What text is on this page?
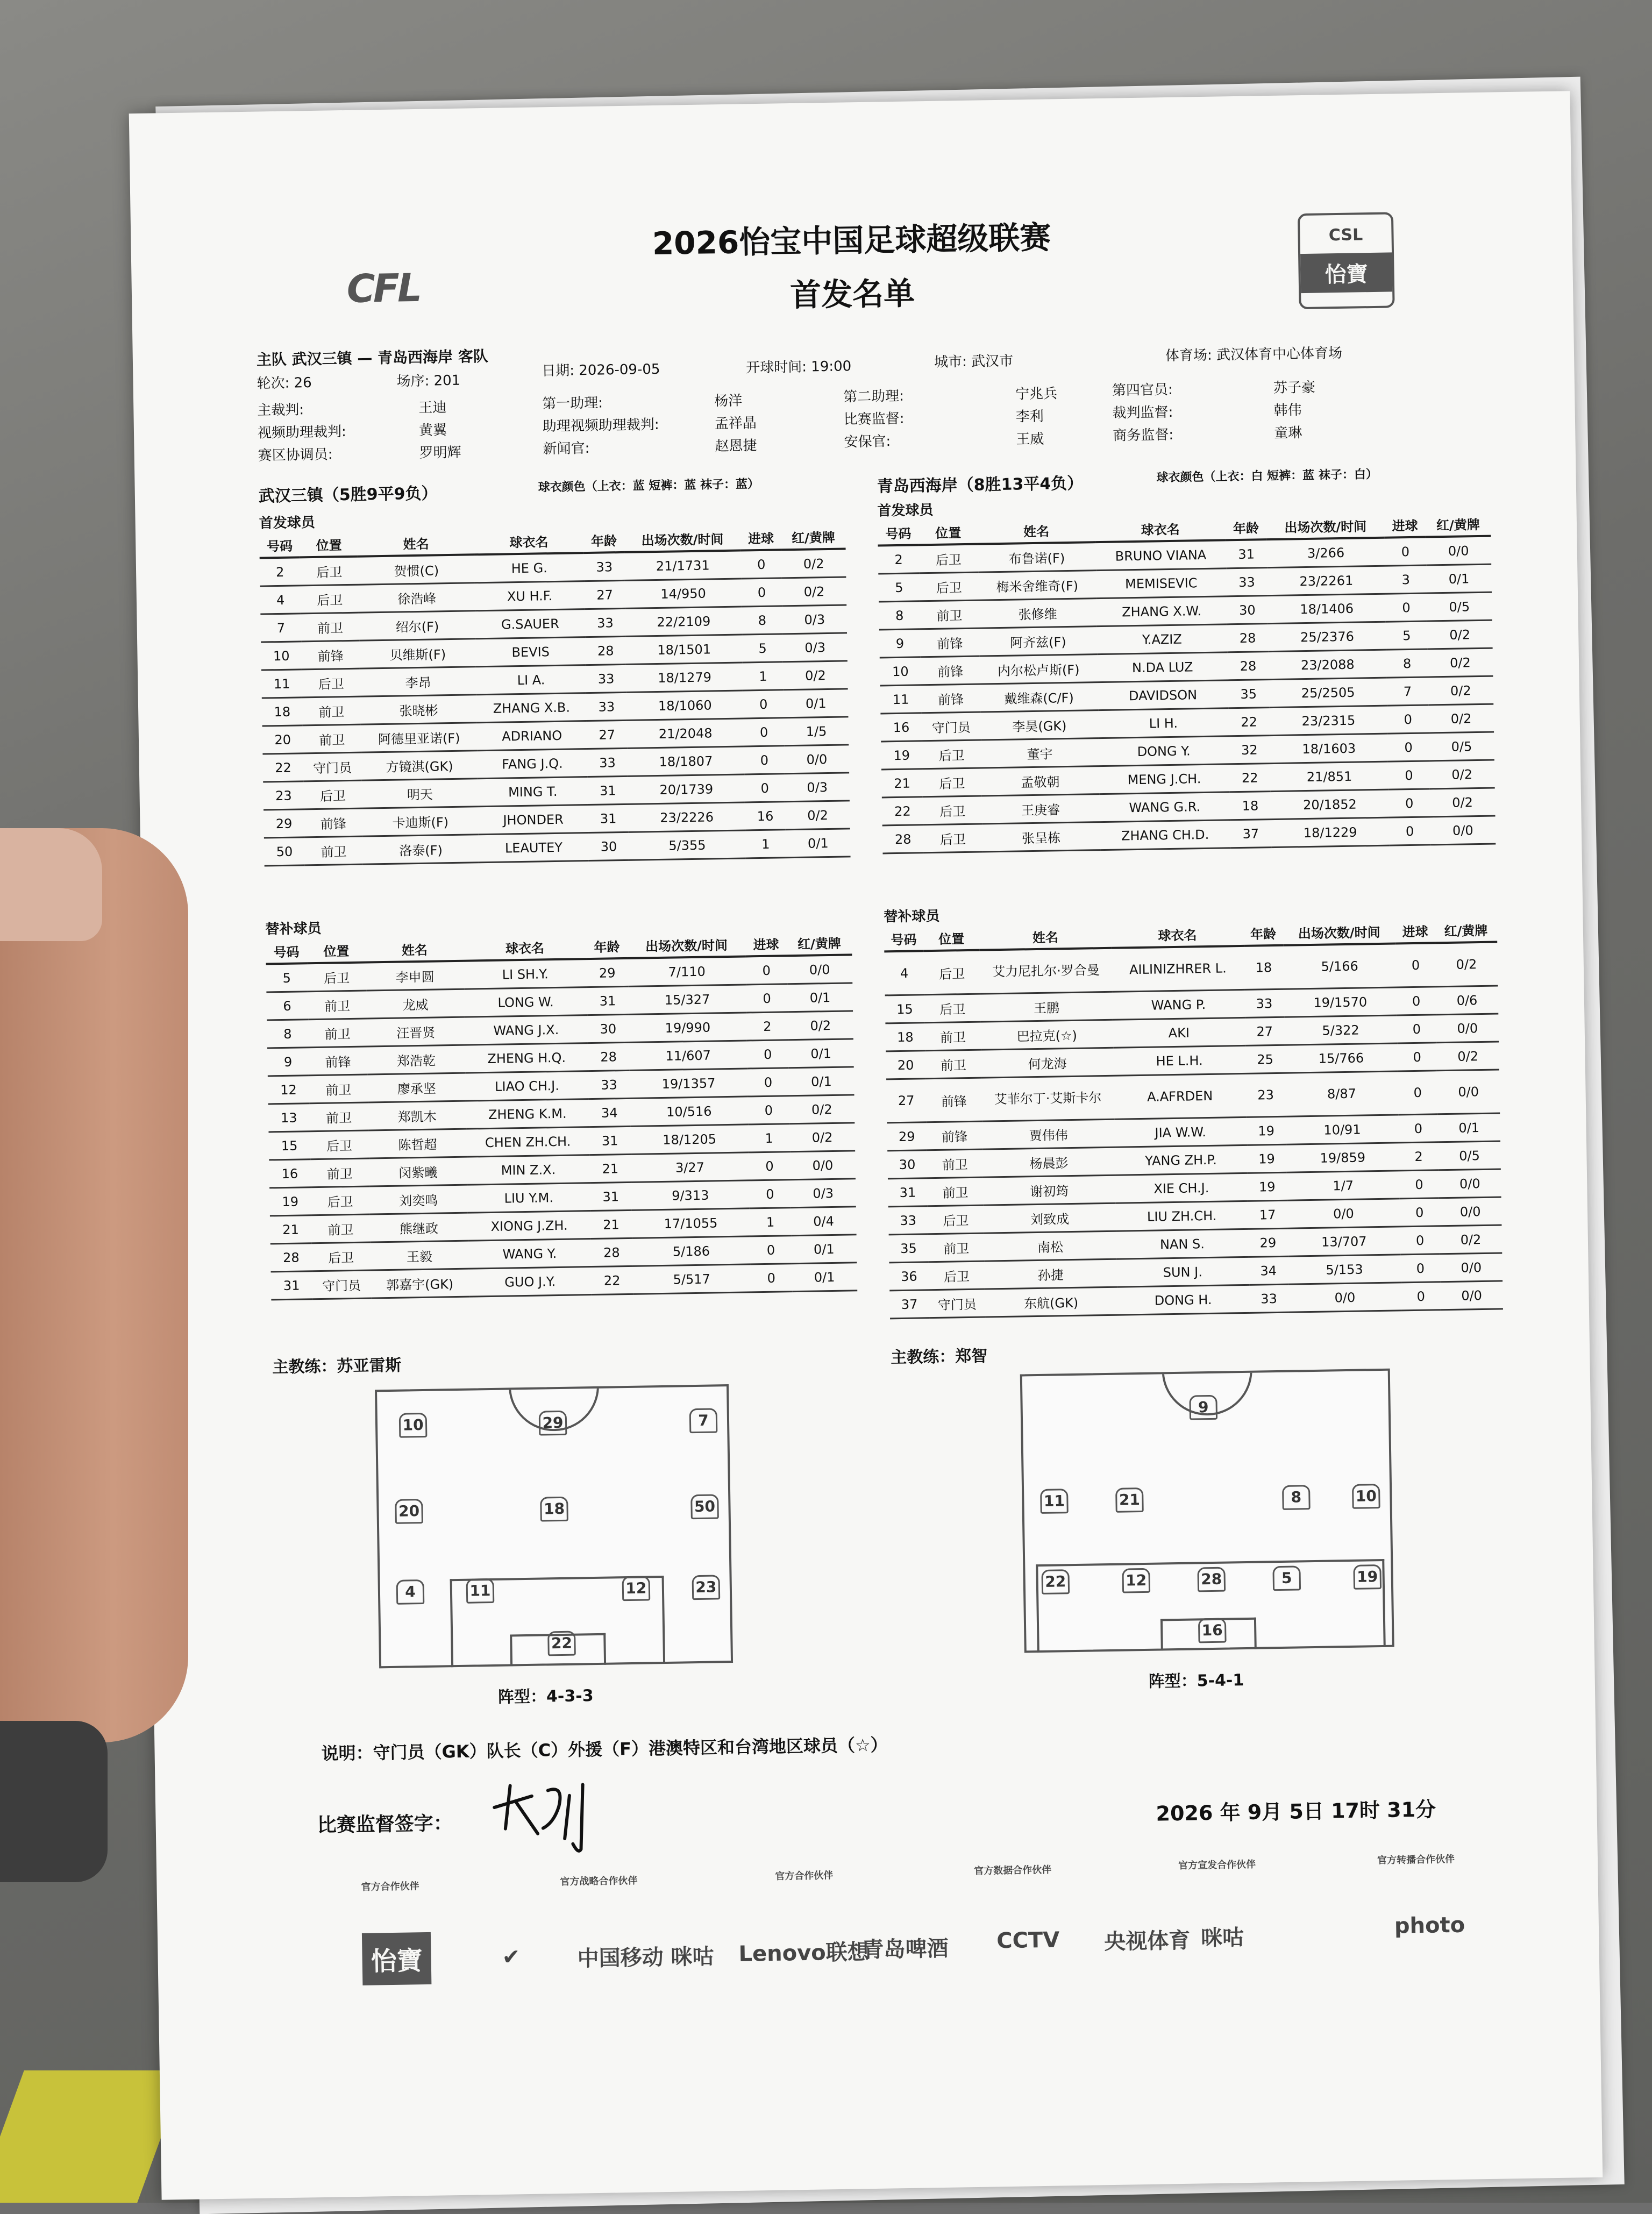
CFL
CSL
怡寶
2026怡宝中国足球超级联赛
首发名单
主队 武汉三镇 — 青岛西海岸 客队
轮次: 26	场序: 201
日期: 2026-09-05	开球时间: 19:00	城市: 武汉市	体育场: 武汉体育中心体育场
主裁判:	王迪	第一助理:	杨洋	第二助理:	宁兆兵	第四官员:	苏子豪
视频助理裁判:	黄翼	助理视频助理裁判:	孟祥晶	比赛监督:	李利	裁判监督:	韩伟
赛区协调员:	罗明辉	新闻官:	赵恩捷	安保官:	王威	商务监督:	童琳
武汉三镇（5胜9平9负）	球衣颜色（上衣：蓝 短裤：蓝 袜子：蓝）	青岛西海岸（8胜13平4负）	球衣颜色（上衣：白 短裤：蓝 袜子：白）
首发球员
首发球员
号码	位置	姓名	球衣名	年龄	出场次数/时间	进球	红/黄牌
2	后卫	贺惯(C)	HE G.	33	21/1731	0	0/2
4	后卫	徐浩峰	XU H.F.	27	14/950	0	0/2
7	前卫	绍尔(F)	G.SAUER	33	22/2109	8	0/3
10	前锋	贝维斯(F)	BEVIS	28	18/1501	5	0/3
11	后卫	李昂	LI A.	33	18/1279	1	0/2
18	前卫	张晓彬	ZHANG X.B.	33	18/1060	0	0/1
20	前卫	阿德里亚诺(F)	ADRIANO	27	21/2048	0	1/5
22	守门员	方镜淇(GK)	FANG J.Q.	33	18/1807	0	0/0
23	后卫	明天	MING T.	31	20/1739	0	0/3
29	前锋	卡迪斯(F)	JHONDER	31	23/2226	16	0/2
50	前卫	洛泰(F)	LEAUTEY	30	5/355	1	0/1
号码	位置	姓名	球衣名	年龄	出场次数/时间	进球	红/黄牌
2	后卫	布鲁诺(F)	BRUNO VIANA	31	3/266	0	0/0
5	后卫	梅米舍维奇(F)	MEMISEVIC	33	23/2261	3	0/1
8	前卫	张修维	ZHANG X.W.	30	18/1406	0	0/5
9	前锋	阿齐兹(F)	Y.AZIZ	28	25/2376	5	0/2
10	前锋	内尔松卢斯(F)	N.DA LUZ	28	23/2088	8	0/2
11	前锋	戴维森(C/F)	DAVIDSON	35	25/2505	7	0/2
16	守门员	李昊(GK)	LI H.	22	23/2315	0	0/2
19	后卫	董宇	DONG Y.	32	18/1603	0	0/5
21	后卫	孟敬朝	MENG J.CH.	22	21/851	0	0/2
22	后卫	王庚睿	WANG G.R.	18	20/1852	0	0/2
28	后卫	张呈栋	ZHANG CH.D.	37	18/1229	0	0/0
替补球员
替补球员
号码	位置	姓名	球衣名	年龄	出场次数/时间	进球	红/黄牌
5	后卫	李申圆	LI SH.Y.	29	7/110	0	0/0
6	前卫	龙威	LONG W.	31	15/327	0	0/1
8	前卫	汪晋贤	WANG J.X.	30	19/990	2	0/2
9	前锋	郑浩乾	ZHENG H.Q.	28	11/607	0	0/1
12	前卫	廖承坚	LIAO CH.J.	33	19/1357	0	0/1
13	前卫	郑凯木	ZHENG K.M.	34	10/516	0	0/2
15	后卫	陈哲超	CHEN ZH.CH.	31	18/1205	1	0/2
16	前卫	闵紫曦	MIN Z.X.	21	3/27	0	0/0
19	后卫	刘奕鸣	LIU Y.M.	31	9/313	0	0/3
21	前卫	熊继政	XIONG J.ZH.	21	17/1055	1	0/4
28	后卫	王毅	WANG Y.	28	5/186	0	0/1
31	守门员	郭嘉宇(GK)	GUO J.Y.	22	5/517	0	0/1
号码	位置	姓名	球衣名	年龄	出场次数/时间	进球	红/黄牌
4	后卫	艾力尼扎尔·罗合曼	AILINIZHRER L.	18	5/166	0	0/2
15	后卫	王鹏	WANG P.	33	19/1570	0	0/6
18	前卫	巴拉克(☆)	AKI	27	5/322	0	0/0
20	前卫	何龙海	HE L.H.	25	15/766	0	0/2
27	前锋	艾菲尔丁·艾斯卡尔	A.AFRDEN	23	8/87	0	0/0
29	前锋	贾伟伟	JIA W.W.	19	10/91	0	0/1
30	前卫	杨晨彭	YANG ZH.P.	19	19/859	2	0/5
31	前卫	谢初筠	XIE CH.J.	19	1/7	0	0/0
33	后卫	刘致成	LIU ZH.CH.	17	0/0	0	0/0
35	前卫	南松	NAN S.	29	13/707	0	0/2
36	后卫	孙捷	SUN J.	34	5/153	0	0/0
37	守门员	东航(GK)	DONG H.	33	0/0	0	0/0
主教练：苏亚雷斯	主教练：郑智
10	29	7
20	18	50
4	11	12	23
22
9
11	21	8	10
22	12	28	5	19
16
阵型：4-3-3
阵型：5-4-1
说明：守门员（GK）队长（C）外援（F）港澳特区和台湾地区球员（☆）
比赛监督签字：	2026 年 9月 5日 17时 31分
官方合作伙伴	官方战略合作伙伴	官方合作伙伴	官方数据合作伙伴	官方宣发合作伙伴	官方转播合作伙伴
怡寶	✔	中国移动 咪咕 Lenovo联想
青岛啤酒 CCTV 央视体育 咪咕	photo
